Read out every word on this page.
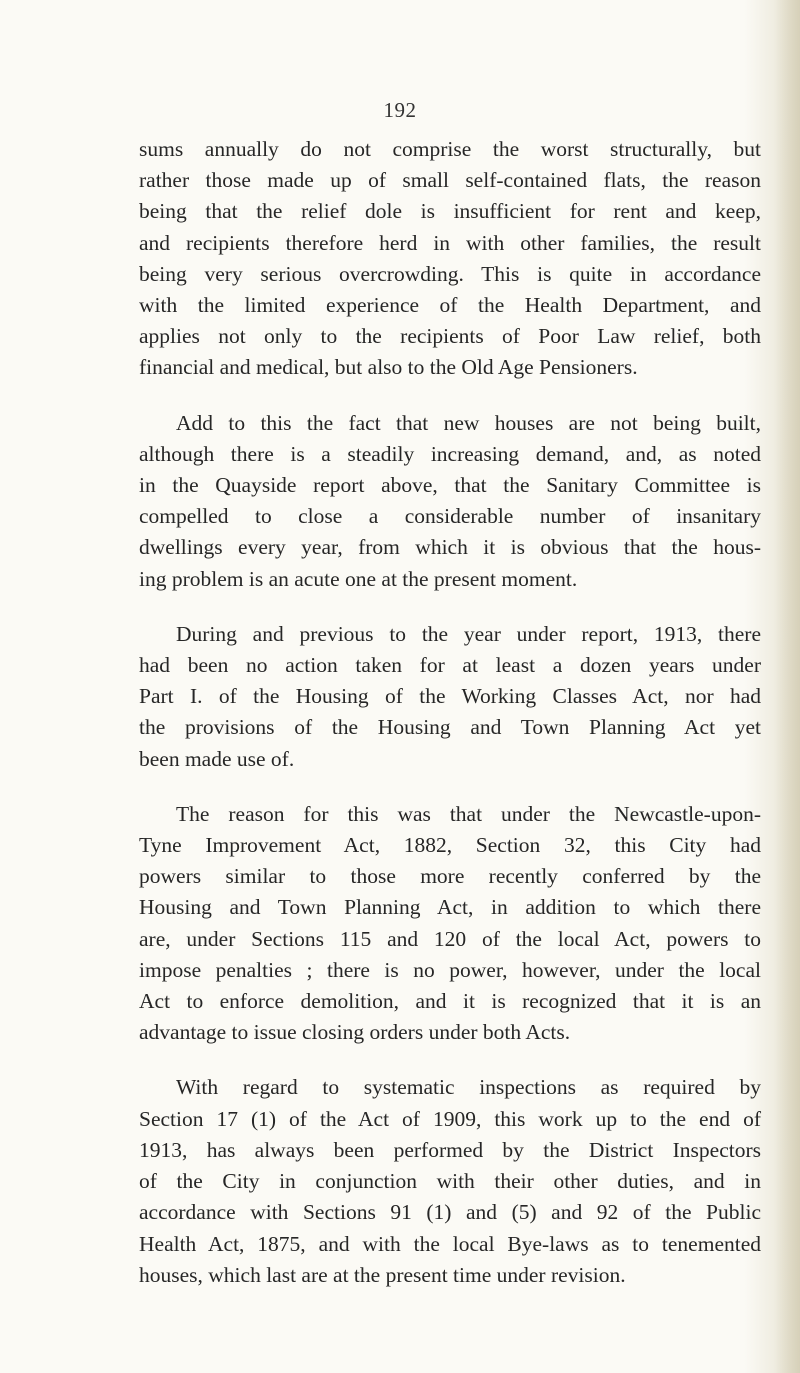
192

sums annually do not comprise the worst structurally, but
rather those made up of small self-contained flats, the reason
being that the relief dole is insufficient for rent and keep,
and recipients therefore herd in with other families, the result
being very serious overcrowding. This is quite in accordance
with the limited experience of the Health Department, and
applies not only to the recipients of Poor Law relief, both
financial and medical, but also to the Old Age Pensioners.

Add to this the fact that new houses are not being built,
although there is a steadily increasing demand, and, as noted
in the Quayside report above, that the Sanitary Committee is
compelled to close a considerable number of insanitary
dwellings every year, from which it is obvious that the hous-
ing problem is an acute one at the present moment.

During and previous to the year under report, 1913, there
had been no action taken for at least a dozen years under
Part I. of the Housing of the Working Classes Act, nor had
the provisions of the Housing and Town Planning Act yet
been made use of.

The reason for this was that under the Newcastle-upon-
Tyne Improvement Act, 1882, Section 32, this City had
powers similar to those more recently conferred by the
Housing and Town Planning Act, in addition to which there
are, under Sections 115 and 120 of the local Act, powers to
impose penalties ; there is no power, however, under the local
Act to enforce demolition, and it is recognized that it is an
advantage to issue closing orders under both Acts.

With regard to systematic inspections as required by
Section 17 (1) of the Act of 1909, this work up to the end of
1913, has always been performed by the District Inspectors
of the City in conjunction with their other duties, and in
accordance with Sections 91 (1) and (5) and 92 of the Public
Health Act, 1875, and with the local Bye-laws as to tenemented
houses, which last are at the present time under revision.
